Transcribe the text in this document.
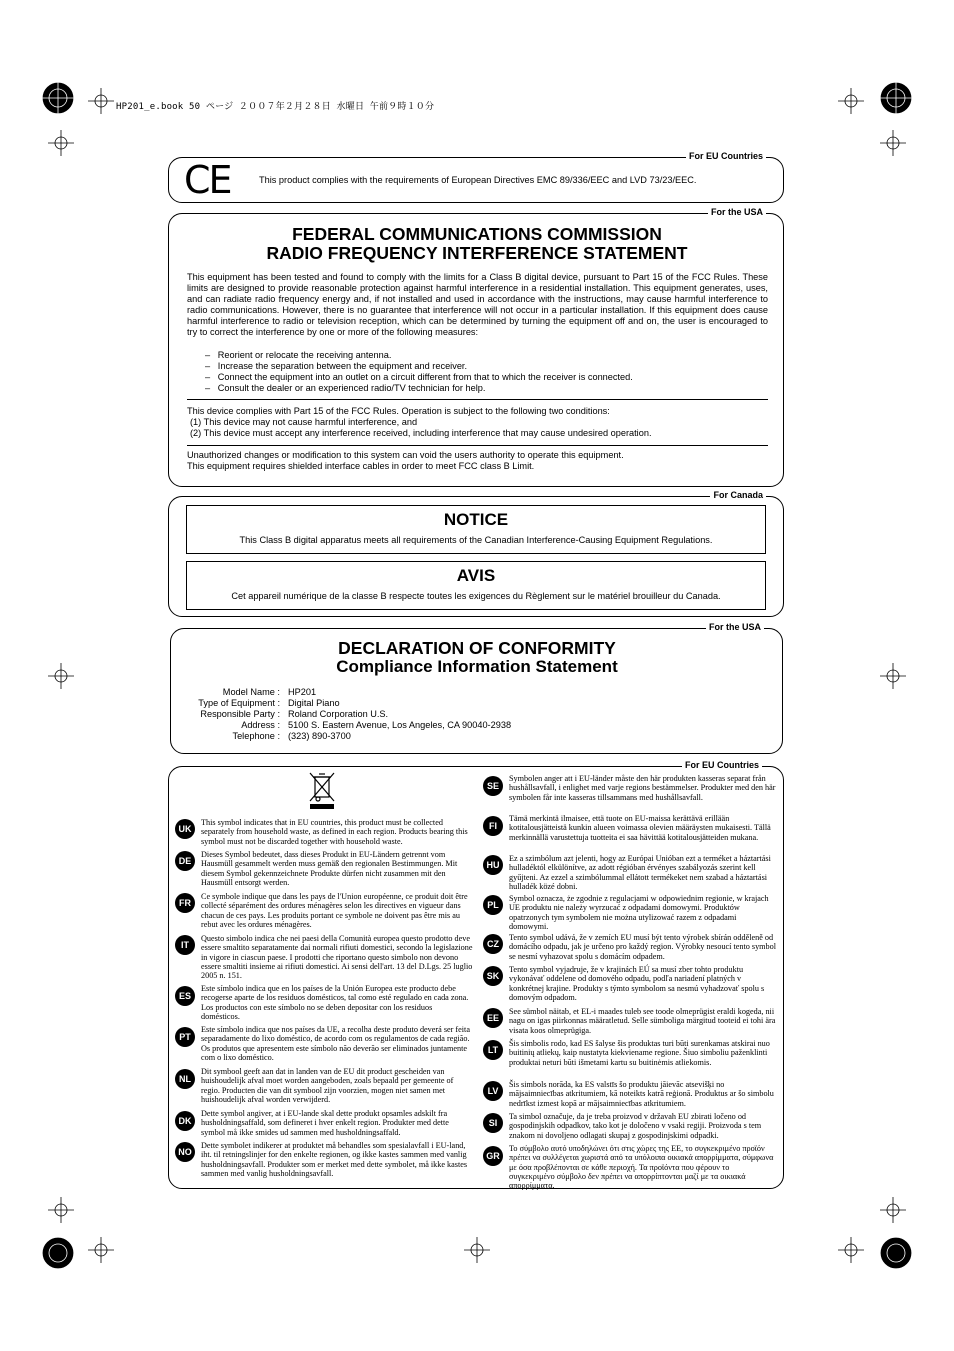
HP201_e.book 50 ページ ２００７年２月２８日 水曜日 午前９時１０分
For EU Countries
CE	This product complies with the requirements of European Directives EMC 89/336/EEC and LVD 73/23/EEC.
For the USA
FEDERAL COMMUNICATIONS COMMISSION
RADIO FREQUENCY INTERFERENCE STATEMENT
This equipment has been tested and found to comply with the limits for a Class B digital device, pursuant to Part 15 of the FCC Rules. These limits are designed to provide reasonable protection against harmful interference in a residential installation. This equipment generates, uses, and can radiate radio frequency energy and, if not installed and used in accordance with the instructions, may cause harmful interference to radio communications. However, there is no guarantee that interference will not occur in a particular installation. If this equipment does cause harmful interference to radio or television reception, which can be determined by turning the equipment off and on, the user is encouraged to try to correct the interference by one or more of the following measures:
–   Reorient or relocate the receiving antenna.
–   Increase the separation between the equipment and receiver.
–   Connect the equipment into an outlet on a circuit different from that to which the receiver is connected.
–   Consult the dealer or an experienced radio/TV technician for help.
This device complies with Part 15 of the FCC Rules. Operation is subject to the following two conditions:
(1) This device may not cause harmful interference, and
(2) This device must accept any interference received, including interference that may cause undesired operation.
Unauthorized changes or modification to this system can void the users authority to operate this equipment.
This equipment requires shielded interface cables in order to meet FCC class B Limit.
For Canada
NOTICE
This Class B digital apparatus meets all requirements of the Canadian Interference-Causing Equipment Regulations.
AVIS
Cet appareil numérique de la classe B respecte toutes les exigences du Règlement sur le matériel brouilleur du Canada.
For the USA
DECLARATION OF CONFORMITY
Compliance Information Statement
Model Name : HP201
Type of Equipment : Digital Piano
Responsible Party : Roland Corporation U.S.
Address : 5100 S. Eastern Avenue, Los Angeles, CA 90040-2938
Telephone : (323) 890-3700
For EU Countries
UK
This symbol indicates that in EU countries, this product must be collected separately from household waste, as defined in each region. Products bearing this symbol must not be discarded together with household waste.
DE
Dieses Symbol bedeutet, dass dieses Produkt in EU-Ländern getrennt vom Hausmüll gesammelt werden muss gemäß den regionalen Bestimmungen. Mit diesem Symbol gekennzeichnete Produkte dürfen nicht zusammen mit den Hausmüll entsorgt werden.
FR
Ce symbole indique que dans les pays de l'Union européenne, ce produit doit être collecté séparément des ordures ménagères selon les directives en vigueur dans chacun de ces pays. Les produits portant ce symbole ne doivent pas être mis au rebut avec les ordures ménagères.
IT
Questo simbolo indica che nei paesi della Comunità europea questo prodotto deve essere smaltito separatamente dai normali rifiuti domestici, secondo la legislazione in vigore in ciascun paese. I prodotti che riportano questo simbolo non devono essere smaltiti insieme ai rifiuti domestici. Ai sensi dell'art. 13 del D.Lgs. 25 luglio 2005 n. 151.
ES
Este símbolo indica que en los países de la Unión Europea este producto debe recogerse aparte de los residuos domésticos, tal como esté regulado en cada zona. Los productos con este símbolo no se deben depositar con los residuos domésticos.
PT
Este símbolo indica que nos países da UE, a recolha deste produto deverá ser feita separadamente do lixo doméstico, de acordo com os regulamentos de cada região. Os produtos que apresentem este símbolo não deverão ser eliminados juntamente com o lixo doméstico.
NL
Dit symbool geeft aan dat in landen van de EU dit product gescheiden van huishoudelijk afval moet worden aangeboden, zoals bepaald per gemeente of regio. Producten die van dit symbool zijn voorzien, mogen niet samen met huishoudelijk afval worden verwijderd.
DK
Dette symbol angiver, at i EU-lande skal dette produkt opsamles adskilt fra husholdningsaffald, som defineret i hver enkelt region. Produkter med dette symbol må ikke smides ud sammen med husholdningsaffald.
NO
Dette symbolet indikerer at produktet må behandles som spesialavfall i EU-land, iht. til retningslinjer for den enkelte regionen, og ikke kastes sammen med vanlig husholdningsavfall. Produkter som er merket med dette symbolet, må ikke kastes sammen med vanlig husholdningsavfall.
SE
Symbolen anger att i EU-länder måste den här produkten kasseras separat från hushållsavfall, i enlighet med varje regions bestämmelser. Produkter med den här symbolen får inte kasseras tillsammans med hushållsavfall.
FI
Tämä merkintä ilmaisee, että tuote on EU-maissa kerättävä erillään kotitalousjätteistä kunkin alueen voimassa olevien määräysten mukaisesti. Tällä merkinnällä varustettuja tuotteita ei saa hävittää kotitalousjätteiden mukana.
HU
Ez a szimbólum azt jelenti, hogy az Európai Unióban ezt a terméket a háztartási hulladéktól elkülönítve, az adott régióban érvényes szabályozás szerint kell gyűjteni. Az ezzel a szimbólummal ellátott termékeket nem szabad a háztartási hulladék közé dobni.
PL
Symbol oznacza, że zgodnie z regulacjami w odpowiednim regionie, w krajach UE produktu nie należy wyrzucać z odpadami domowymi. Produktów opatrzonych tym symbolem nie można utylizować razem z odpadami domowymi.
CZ
Tento symbol udává, že v zemích EU musí být tento výrobek sbírán odděleně od domácího odpadu, jak je určeno pro každý region. Výrobky nesoucí tento symbol se nesmí vyhazovat spolu s domácím odpadem.
SK
Tento symbol vyjadruje, že v krajinách EÚ sa musí zber tohto produktu vykonávať oddelene od domového odpadu, podľa nariadení platných v konkrétnej krajine. Produkty s týmto symbolom sa nesmú vyhadzovať spolu s domovým odpadom.
EE
See sümbol näitab, et EL-i maades tuleb see toode olmeprügist eraldi kogeda, nii nagu on igas piirkonnas määratletud. Selle sümboliga märgitud tooteid ei tohi ära visata koos olmeprügiga.
LT
Šis simbolis rodo, kad ES šalyse šis produktas turi būti surenkamas atskirai nuo buitinių atliekų, kaip nustatyta kiekviename regione. Šiuo simboliu paženklinti produktai neturi būti išmetami kartu su buitinėmis atliekomis.
LV
Šis simbols norāda, ka ES valstīs šo produktu jāievāc atsevišķi no mājsaimniecības atkritumiem, kā noteikts katrā reģionā. Produktus ar šo simbolu nedrīkst izmest kopā ar mājsaimniecības atkritumiem.
SI
Ta simbol označuje, da je treba proizvod v državah EU zbirati ločeno od gospodinjskih odpadkov, tako kot je določeno v vsaki regiji. Proizvoda s tem znakom ni dovoljeno odlagati skupaj z gospodinjskimi odpadki.
GR
Το σύμβολο αυτό υποδηλώνει ότι στις χώρες της ΕΕ, το συγκεκριμένο προϊόν πρέπει να συλλέγεται χωριστά από τα υπόλοιπα οικιακά απορρίμματα, σύμφωνα με όσα προβλέπονται σε κάθε περιοχή. Τα προϊόντα που φέρουν το συγκεκριμένο σύμβολο δεν πρέπει να απορρίπτονται μαζί με τα οικιακά απορρίμματα.
